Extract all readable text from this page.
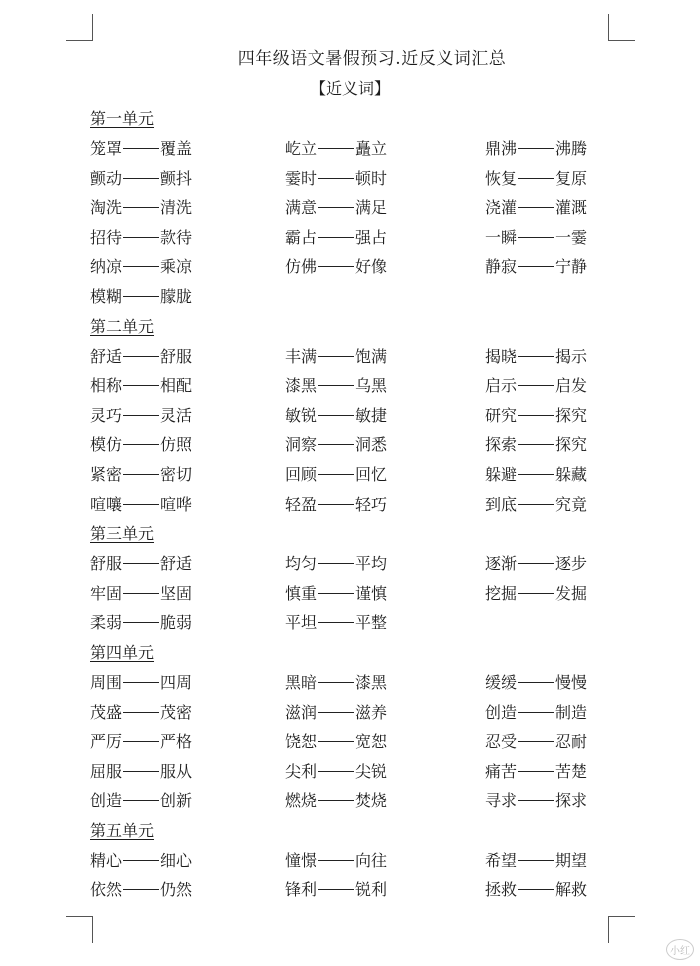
四年级语文暑假预习.近反义词汇总
【近义词】
第一单元
笼罩 覆盖	屹立 矗立	鼎沸 沸腾
颤动 颤抖	霎时 顿时	恢复 复原
淘洗 清洗	满意 满足	浇灌 灌溉
招待 款待	霸占 强占	一瞬 一霎
纳凉 乘凉	仿佛 好像	静寂 宁静
模糊 朦胧
第二单元
舒适 舒服	丰满 饱满	揭晓 揭示
相称 相配	漆黑 乌黑	启示 启发
灵巧 灵活	敏锐 敏捷	研究 探究
模仿 仿照	洞察 洞悉	探索 探究
紧密 密切	回顾 回忆	躲避 躲藏
喧嚷 喧哗	轻盈 轻巧	到底 究竟
第三单元
舒服 舒适	均匀 平均	逐渐 逐步
牢固 坚固	慎重 谨慎	挖掘 发掘
柔弱 脆弱	平坦 平整
第四单元
周围 四周	黑暗 漆黑	缓缓 慢慢
茂盛 茂密	滋润 滋养	创造 制造
严厉 严格	饶恕 宽恕	忍受 忍耐
屈服 服从	尖利 尖锐	痛苦 苦楚
创造 创新	燃烧 焚烧	寻求 探求
第五单元
精心 细心	憧憬 向往	希望 期望
依然 仍然	锋利 锐利	拯救 解救
小红
